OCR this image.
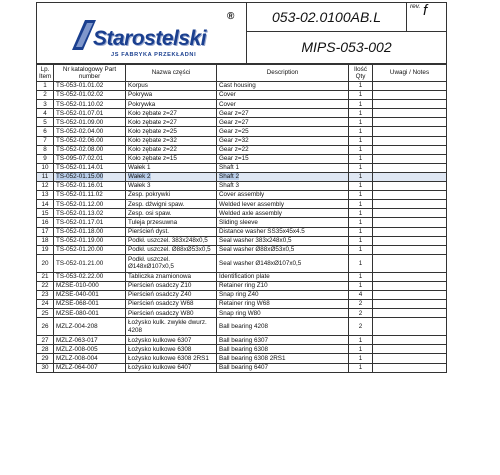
Starostelski
JS FABRYKA PRZEKŁADNI
®	053-02.0100AB.L	
rev. f

MIPS-053-002
Lp. Item	Nr katalogowy Part number	Nazwa części	Description	Ilość Qty	Uwagi / Notes
1	TS-053-01.01.02	Korpus	Cast housing	1	
2	TS-052-01.02.02	Pokrywa	Cover	1	
3	TS-052-01.10.02	Pokrywka	Cover	1	
4	TS-052-01.07.01	Koło zębate z=27	Gear z=27	1	
5	TS-052-01.09.00	Koło zębate z=27	Gear z=27	1	
6	TS-052-02.04.00	Koło zębate z=25	Gear z=25	1	
7	TS-052-02.06.00	Koło zębate z=32	Gear z=32	1	
8	TS-052-02.08.00	Koło zębate z=22	Gear z=22	1	
9	TS-095-07.02.01	Koło zębate z=15	Gear z=15	1	
10	TS-052-01.14.01	Wałek 1	Shaft 1	1	
11	TS-052-01.15.00	Wałek 2	Shaft 2	1	
12	TS-052-01.16.01	Wałek 3	Shaft 3	1	
13	TS-052-01.11.02	Zesp. pokrywki	Cover assembly	1	
14	TS-052-01.12.00	Zesp. dźwigni spaw.	Welded lever assembly	1	
15	TS-052-01.13.02	Zesp. osi spaw.	Welded axle assembly	1	
16	TS-052-01.17.01	Tuleja przesuwna	Sliding sleeve	1	
17	TS-052-01.18.00	Pierścień dyst.	Distance washer SS35x45x4.5	1	
18	TS-052-01.19.00	Podkł. uszczel. 383x248x0,5	Seal washer 383x248x0,5	1	
19	TS-052-01.20.00	Podkł. uszczel. Ø88xØ53x0,5	Seal washer Ø88xØ53x0,5	1	
20	TS-052-01.21.00	Podkł. uszczel. Ø148xØ107x0,5	Seal washer Ø148xØ107x0,5	1	
21	TS-053-02.22.00	Tabliczka znamionowa	Identification plate	1	
22	MZSE-010-000	Pierścień osadczy Z10	Retainer ring Z10	1	
23	MZSE-040-001	Pierścień osadczy Z40	Snap ring Z40	4	
24	MZSE-068-001	Pierścień osadczy W68	Retainer ring W68	2	
25	MZSE-080-001	Pierścień osadczy W80	Snap ring W80	2	
26	MZLZ-004-208	Łożysko kulk. zwykłe dwurz. 4208	Ball bearing 4208	2	
27	MZLZ-063-017	Łożysko kulkowe 6307	Ball bearing 6307	1	
28	MZLZ-008-005	Łożysko kulkowe 6308	Ball bearing 6308	1	
29	MZLZ-008-004	Łożysko kulkowe 6308 2RS1	Ball bearing 6308 2RS1	1	
30	MZLZ-064-007	Łożysko kulkowe 6407	Ball bearing 6407	1	
